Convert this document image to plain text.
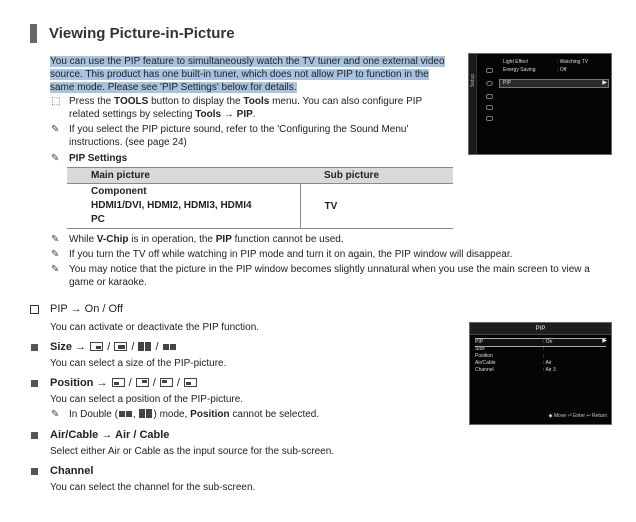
Viewing Picture-in-Picture
You can use the PIP feature to simultaneously watch the TV tuner and one external video source. This product has one built-in tuner, which does not allow PIP to function in the same mode. Please see 'PIP Settings' below for details.
⬚ Press the TOOLS button to display the Tools menu. You can also configure PIP related settings by selecting Tools → PIP.
✎ If you select the PIP picture sound, refer to the 'Configuring the Sound Menu' instructions. (see page 24)
✎ PIP Settings
Main picture	Sub picture

Component
HDMI1/DVI, HDMI2, HDMI3, HDMI4
PC	TV
✎ While V-Chip is in operation, the PIP function cannot be used.
✎ If you turn the TV off while watching in PIP mode and turn it on again, the PIP window will disappear.
✎ You may notice that the picture in the PIP window becomes slightly unnatural when you use the main screen to view a game or karaoke.
PIP → On / Off
You can activate or deactivate the PIP function.
Size →
/
/
/
You can select a size of the PIP-picture.
Position →
/
/
/
You can select a position of the PIP-picture.
✎ In Double ( ,
) mode, Position cannot be selected.
Air/Cable → Air / Cable
Select either Air or Cable as the input source for the sub-screen.
Channel
You can select the channel for the sub-screen.
Setup
Light Effect	: Watching TV
Energy Saving	: Off
PIP	▶
PIP
PIP	: On	▶
Size	:
Position	:
Air/Cable	: Air
Channel	: Air 3
◆ Move ⏎ Enter ↩ Return
